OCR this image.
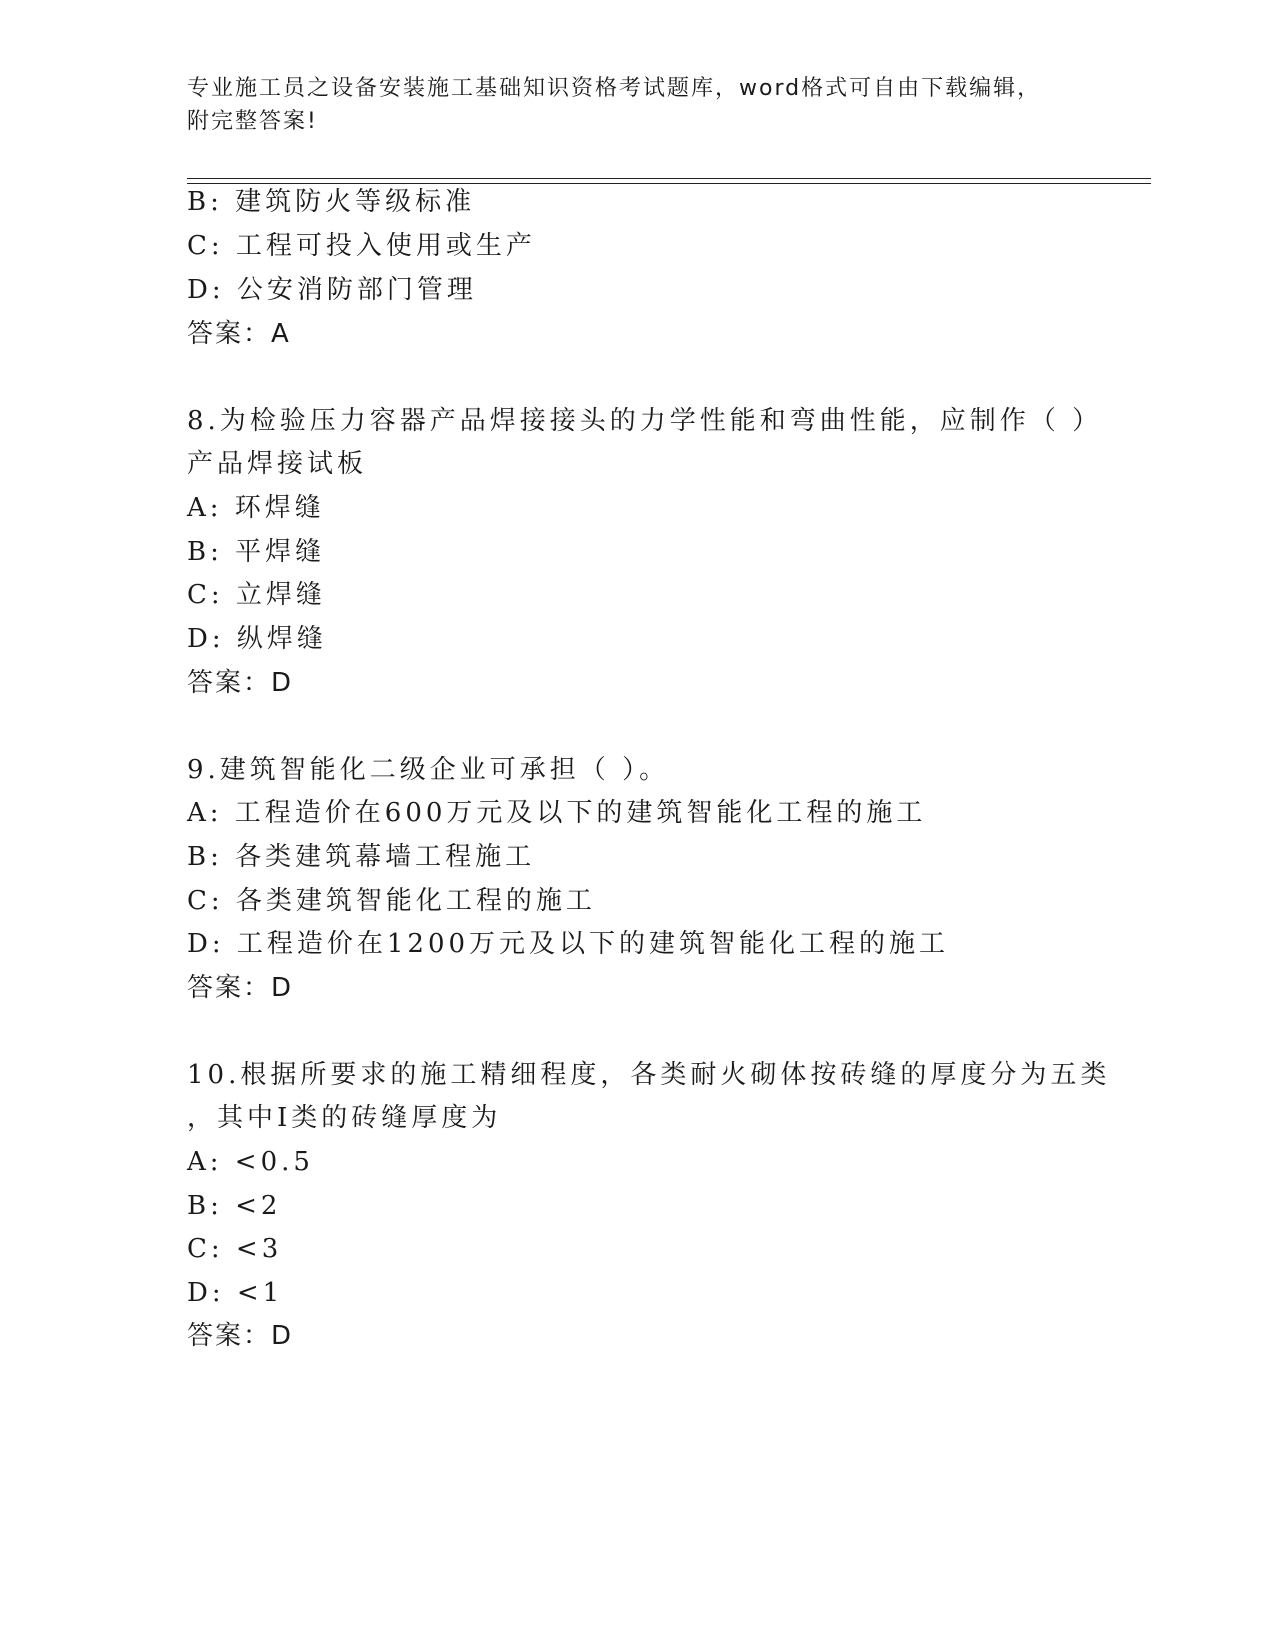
专业施工员之设备安装施工基础知识资格考试题库，word格式可自由下载编辑，
附完整答案!
B: 建筑防火等级标准
C: 工程可投入使用或生产
D: 公安消防部门管理
答案：A
8.为检验压力容器产品焊接接头的力学性能和弯曲性能，应制作（ ）
产品焊接试板
A: 环焊缝
B: 平焊缝
C: 立焊缝
D: 纵焊缝
答案：D
9.建筑智能化二级企业可承担（ ）。
A: 工程造价在600万元及以下的建筑智能化工程的施工
B: 各类建筑幕墙工程施工
C: 各类建筑智能化工程的施工
D: 工程造价在1200万元及以下的建筑智能化工程的施工
答案：D
10.根据所要求的施工精细程度，各类耐火砌体按砖缝的厚度分为五类
，其中I类的砖缝厚度为
A: <0.5
B: <2
C: <3
D: <1
答案：D
